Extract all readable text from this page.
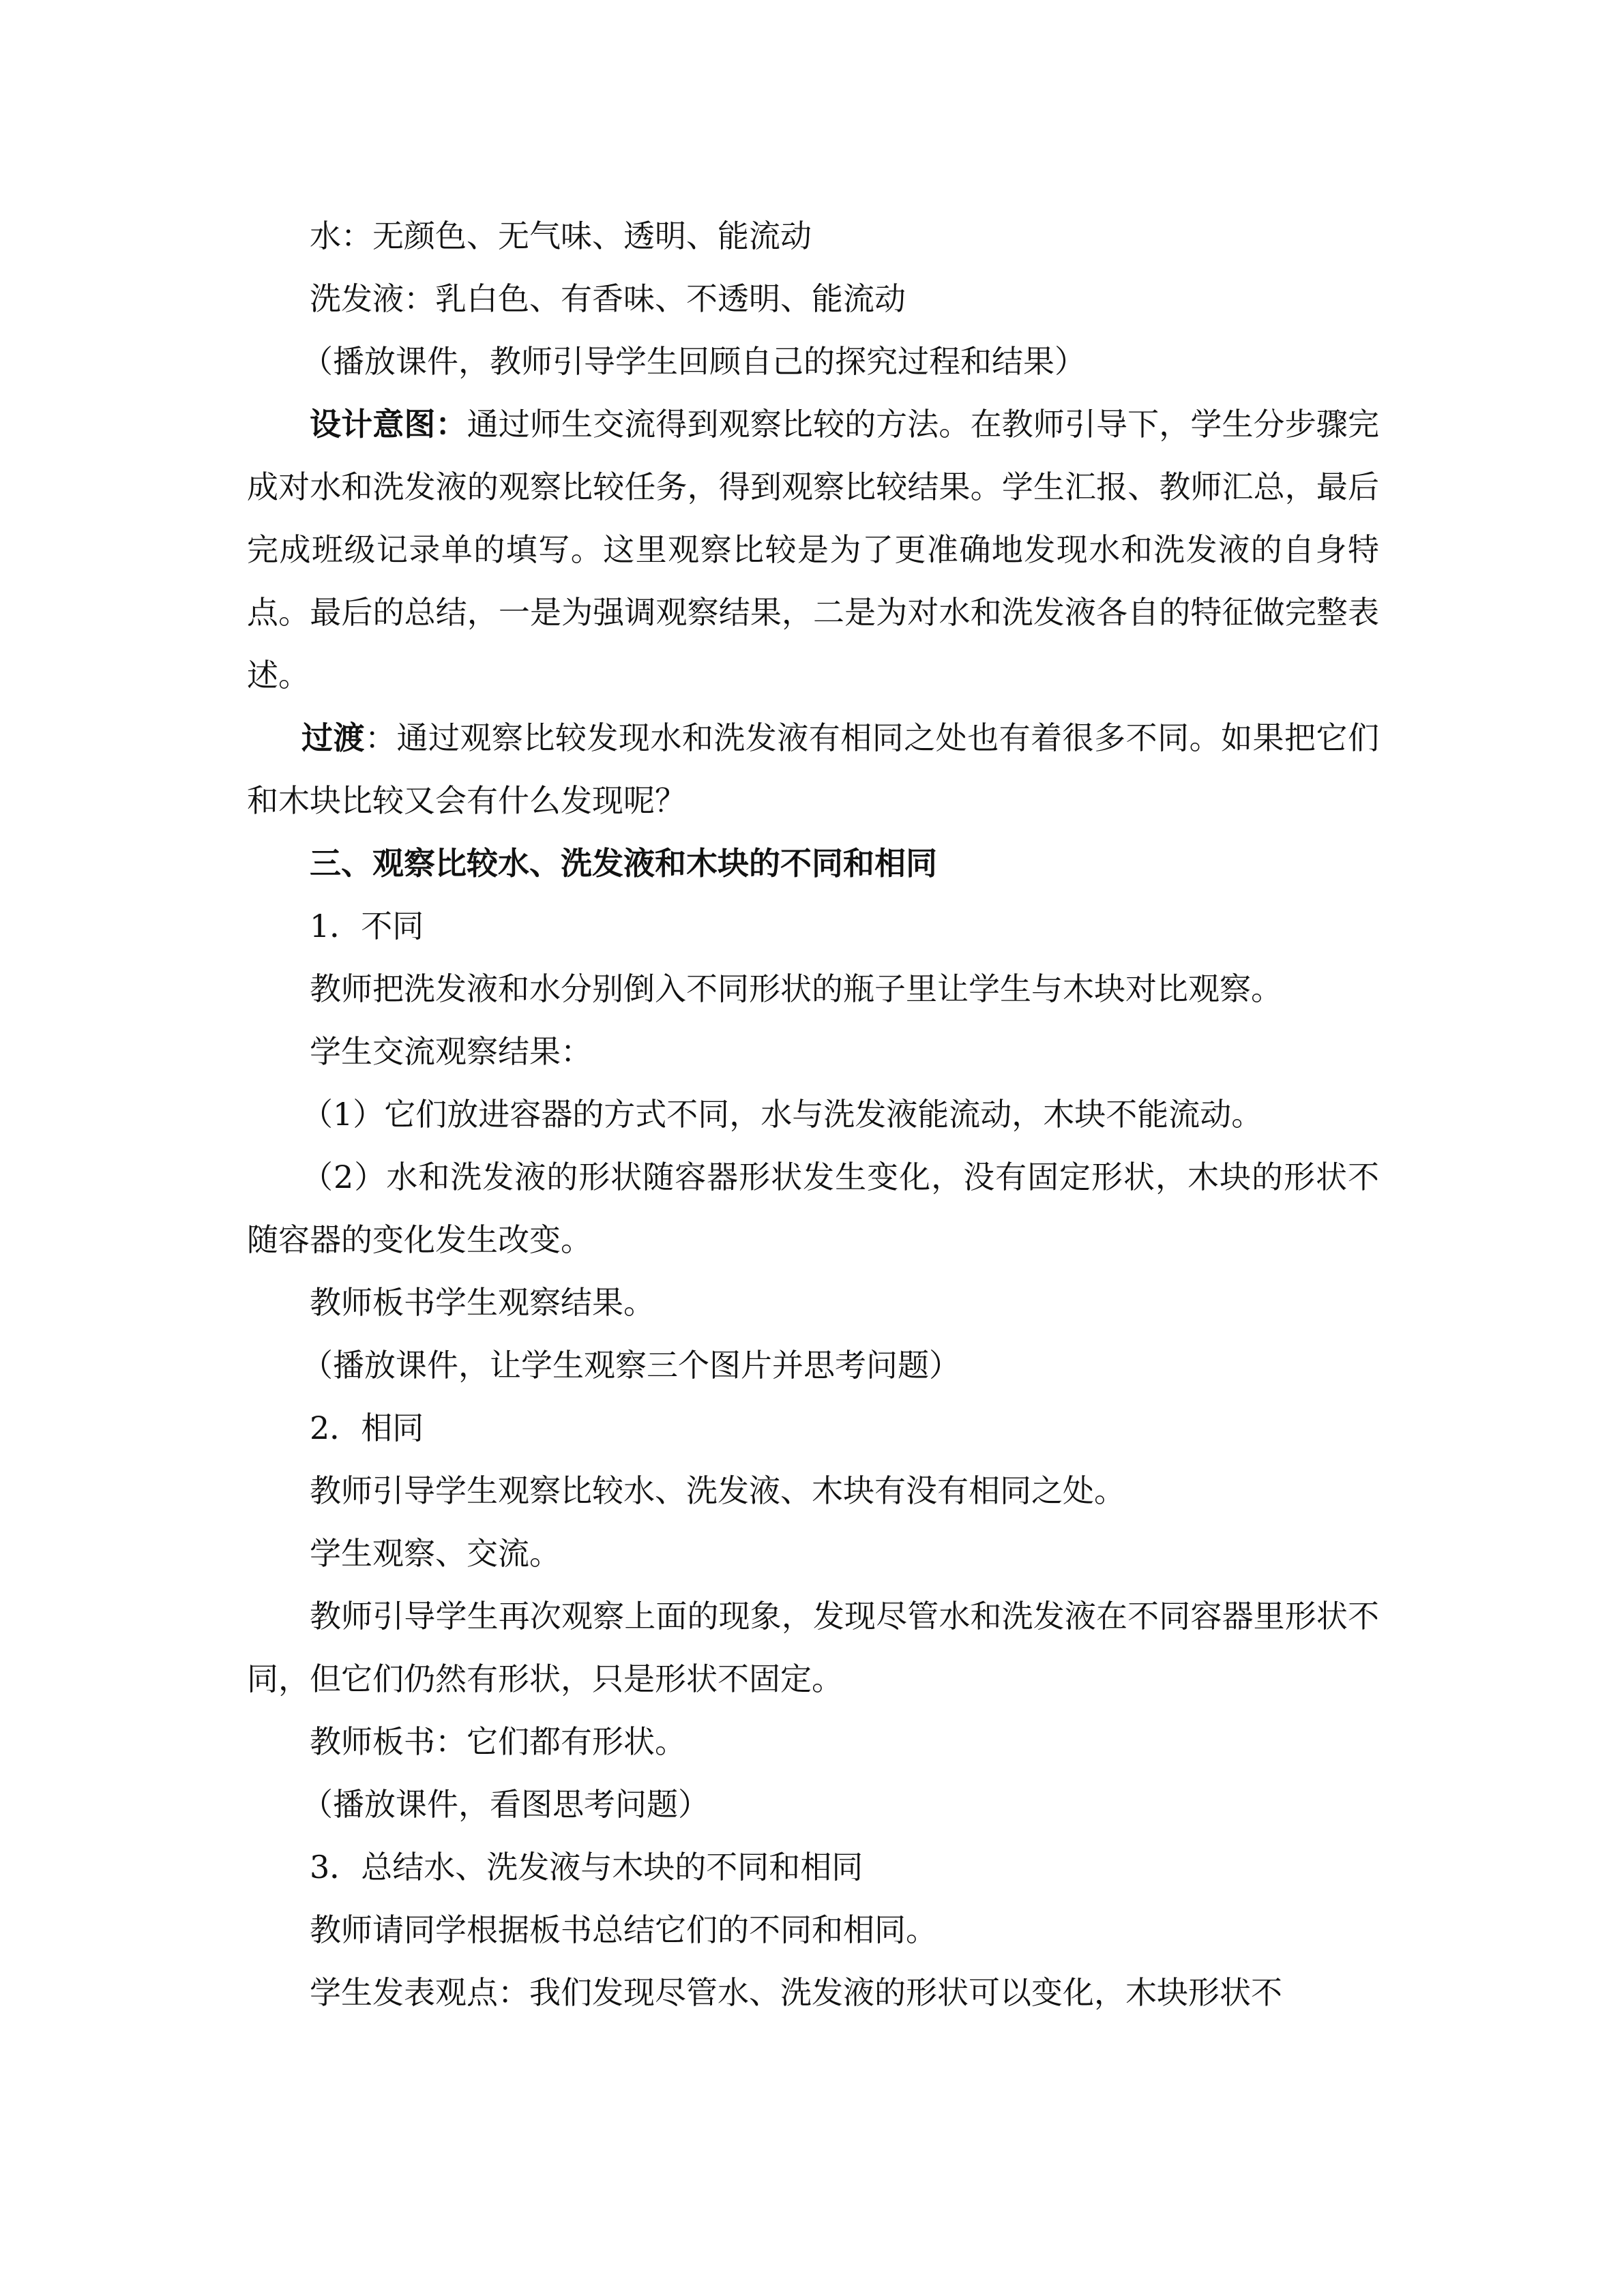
水：无颜色、无气味、透明、能流动

洗发液：乳白色、有香味、不透明、能流动

（播放课件，教师引导学生回顾自己的探究过程和结果）

设计意图：通过师生交流得到观察比较的方法。在教师引导下，学生分步骤完成对水和洗发液的观察比较任务，得到观察比较结果。学生汇报、教师汇总，最后完成班级记录单的填写。这里观察比较是为了更准确地发现水和洗发液的自身特点。最后的总结，一是为强调观察结果，二是为对水和洗发液各自的特征做完整表述。

过渡：通过观察比较发现水和洗发液有相同之处也有着很多不同。如果把它们和木块比较又会有什么发现呢？

三、观察比较水、洗发液和木块的不同和相同

1．不同

教师把洗发液和水分别倒入不同形状的瓶子里让学生与木块对比观察。

学生交流观察结果：

（1）它们放进容器的方式不同，水与洗发液能流动，木块不能流动。

（2）水和洗发液的形状随容器形状发生变化，没有固定形状，木块的形状不随容器的变化发生改变。

教师板书学生观察结果。

（播放课件，让学生观察三个图片并思考问题）

2．相同

教师引导学生观察比较水、洗发液、木块有没有相同之处。

学生观察、交流。

教师引导学生再次观察上面的现象，发现尽管水和洗发液在不同容器里形状不同，但它们仍然有形状，只是形状不固定。

教师板书：它们都有形状。

（播放课件，看图思考问题）

3．总结水、洗发液与木块的不同和相同

教师请同学根据板书总结它们的不同和相同。

学生发表观点：我们发现尽管水、洗发液的形状可以变化，木块形状不
